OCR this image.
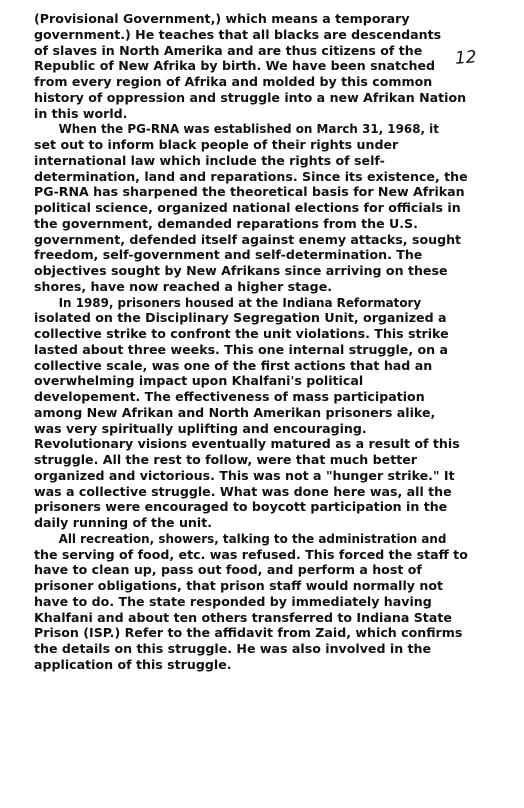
12
(Provisional Government,) which means a temporary
government.) He teaches that all blacks are descendants
of slaves in North Amerika and are thus citizens of the
Republic of New Afrika by birth. We have been snatched
from every region of Afrika and molded by this common
history of oppression and struggle into a new Afrikan Nation
in this world.
When the PG-RNA was established on March 31, 1968, it
set out to inform black people of their rights under
international law which include the rights of self-
determination, land and reparations. Since its existence, the
PG-RNA has sharpened the theoretical basis for New Afrikan
political science, organized national elections for officials in
the government, demanded reparations from the U.S.
government, defended itself against enemy attacks, sought
freedom, self-government and self-determination. The
objectives sought by New Afrikans since arriving on these
shores, have now reached a higher stage.
In 1989, prisoners housed at the Indiana Reformatory
isolated on the Disciplinary Segregation Unit, organized a
collective strike to confront the unit violations. This strike
lasted about three weeks. This one internal struggle, on a
collective scale, was one of the first actions that had an
overwhelming impact upon Khalfani's political
developement. The effectiveness of mass participation
among New Afrikan and North Amerikan prisoners alike,
was very spiritually uplifting and encouraging.
Revolutionary visions eventually matured as a result of this
struggle. All the rest to follow, were that much better
organized and victorious. This was not a "hunger strike." It
was a collective struggle. What was done here was, all the
prisoners were encouraged to boycott participation in the
daily running of the unit.
All recreation, showers, talking to the administration and
the serving of food, etc. was refused. This forced the staff to
have to clean up, pass out food, and perform a host of
prisoner obligations, that prison staff would normally not
have to do. The state responded by immediately having
Khalfani and about ten others transferred to Indiana State
Prison (ISP.) Refer to the affidavit from Zaid, which confirms
the details on this struggle. He was also involved in the
application of this struggle.
